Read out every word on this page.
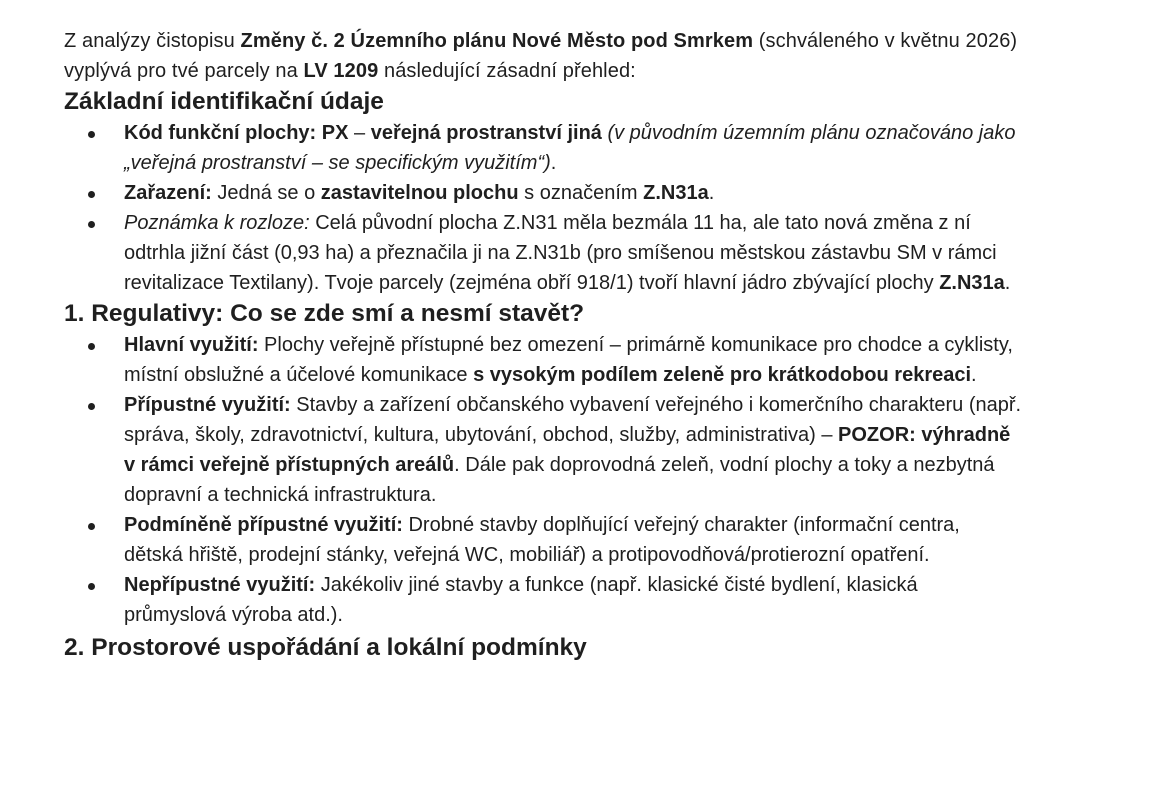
Z analýzy čistopisu Změny č. 2 Územního plánu Nové Město pod Smrkem (schváleného v květnu 2026) vyplývá pro tvé parcely na LV 1209 následující zásadní přehled:

Základní identifikační údaje
Kód funkční plochy: PX – veřejná prostranství jiná (v původním územním plánu označováno jako „veřejná prostranství – se specifickým využitím“).
Zařazení: Jedná se o zastavitelnou plochu s označením Z.N31a.
Poznámka k rozloze: Celá původní plocha Z.N31 měla bezmála 11 ha, ale tato nová změna z ní odtrhla jižní část (0,93 ha) a přeznačila ji na Z.N31b (pro smíšenou městskou zástavbu SM v rámci revitalizace Textilany). Tvoje parcely (zejména obří 918/1) tvoří hlavní jádro zbývající plochy Z.N31a.
1. Regulativy: Co se zde smí a nesmí stavět?
Hlavní využití: Plochy veřejně přístupné bez omezení – primárně komunikace pro chodce a cyklisty, místní obslužné a účelové komunikace s vysokým podílem zeleně pro krátkodobou rekreaci.
Přípustné využití: Stavby a zařízení občanského vybavení veřejného i komerčního charakteru (např. správa, školy, zdravotnictví, kultura, ubytování, obchod, služby, administrativa) – POZOR: výhradně v rámci veřejně přístupných areálů. Dále pak doprovodná zeleň, vodní plochy a toky a nezbytná dopravní a technická infrastruktura.
Podmíněně přípustné využití: Drobné stavby doplňující veřejný charakter (informační centra, dětská hřiště, prodejní stánky, veřejná WC, mobiliář) a protipovodňová/protierozní opatření.
Nepřípustné využití: Jakékoliv jiné stavby a funkce (např. klasické čisté bydlení, klasická průmyslová výroba atd.).
2. Prostorové uspořádání a lokální podmínky
